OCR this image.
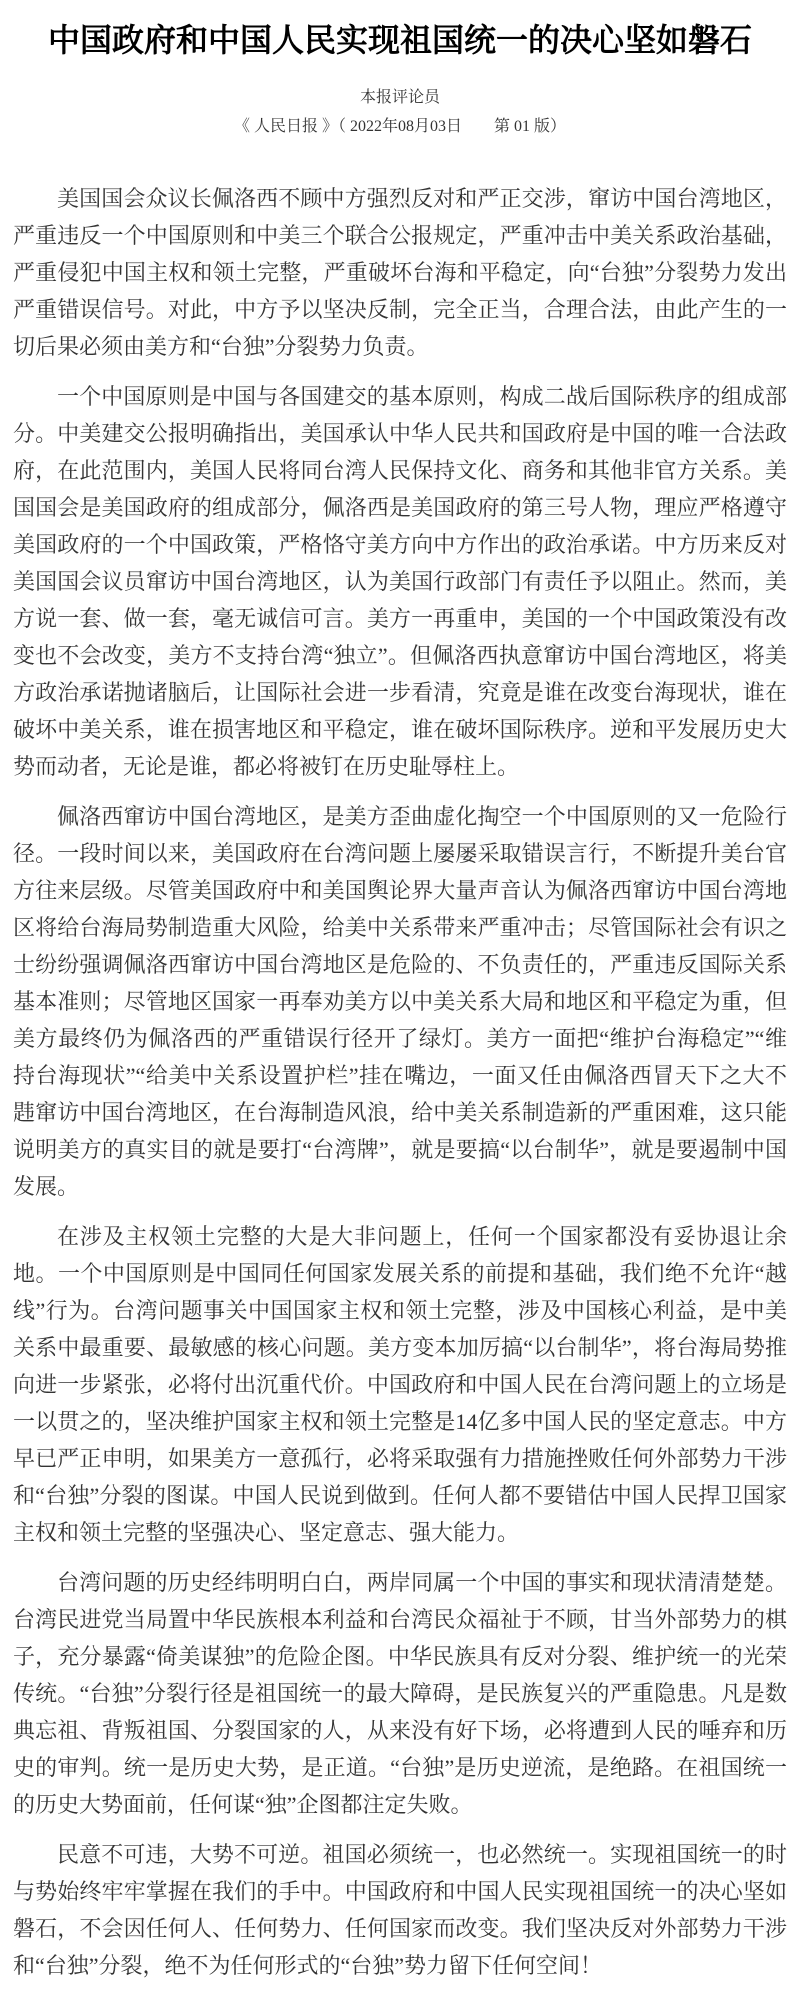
中国政府和中国人民实现祖国统一的决心坚如磐石
本报评论员
《 人民日报 》（ 2022年08月03日　　第 01 版）

美国国会众议长佩洛西不顾中方强烈反对和严正交涉，窜访中国台湾地区，严重违反一个中国原则和中美三个联合公报规定，严重冲击中美关系政治基础，严重侵犯中国主权和领土完整，严重破坏台海和平稳定，向“台独”分裂势力发出严重错误信号。对此，中方予以坚决反制，完全正当，合理合法，由此产生的一切后果必须由美方和“台独”分裂势力负责。

一个中国原则是中国与各国建交的基本原则，构成二战后国际秩序的组成部分。中美建交公报明确指出，美国承认中华人民共和国政府是中国的唯一合法政府，在此范围内，美国人民将同台湾人民保持文化、商务和其他非官方关系。美国国会是美国政府的组成部分，佩洛西是美国政府的第三号人物，理应严格遵守美国政府的一个中国政策，严格恪守美方向中方作出的政治承诺。中方历来反对美国国会议员窜访中国台湾地区，认为美国行政部门有责任予以阻止。然而，美方说一套、做一套，毫无诚信可言。美方一再重申，美国的一个中国政策没有改变也不会改变，美方不支持台湾“独立”。但佩洛西执意窜访中国台湾地区，将美方政治承诺抛诸脑后，让国际社会进一步看清，究竟是谁在改变台海现状，谁在破坏中美关系，谁在损害地区和平稳定，谁在破坏国际秩序。逆和平发展历史大势而动者，无论是谁，都必将被钉在历史耻辱柱上。

佩洛西窜访中国台湾地区，是美方歪曲虚化掏空一个中国原则的又一危险行径。一段时间以来，美国政府在台湾问题上屡屡采取错误言行，不断提升美台官方往来层级。尽管美国政府中和美国舆论界大量声音认为佩洛西窜访中国台湾地区将给台海局势制造重大风险，给美中关系带来严重冲击；尽管国际社会有识之士纷纷强调佩洛西窜访中国台湾地区是危险的、不负责任的，严重违反国际关系基本准则；尽管地区国家一再奉劝美方以中美关系大局和地区和平稳定为重，但美方最终仍为佩洛西的严重错误行径开了绿灯。美方一面把“维护台海稳定”“维持台海现状”“给美中关系设置护栏”挂在嘴边，一面又任由佩洛西冒天下之大不韪窜访中国台湾地区，在台海制造风浪，给中美关系制造新的严重困难，这只能说明美方的真实目的就是要打“台湾牌”，就是要搞“以台制华”，就是要遏制中国发展。

在涉及主权领土完整的大是大非问题上，任何一个国家都没有妥协退让余地。一个中国原则是中国同任何国家发展关系的前提和基础，我们绝不允许“越线”行为。台湾问题事关中国国家主权和领土完整，涉及中国核心利益，是中美关系中最重要、最敏感的核心问题。美方变本加厉搞“以台制华”，将台海局势推向进一步紧张，必将付出沉重代价。中国政府和中国人民在台湾问题上的立场是一以贯之的，坚决维护国家主权和领土完整是14亿多中国人民的坚定意志。中方早已严正申明，如果美方一意孤行，必将采取强有力措施挫败任何外部势力干涉和“台独”分裂的图谋。中国人民说到做到。任何人都不要错估中国人民捍卫国家主权和领土完整的坚强决心、坚定意志、强大能力。

台湾问题的历史经纬明明白白，两岸同属一个中国的事实和现状清清楚楚。台湾民进党当局置中华民族根本利益和台湾民众福祉于不顾，甘当外部势力的棋子，充分暴露“倚美谋独”的危险企图。中华民族具有反对分裂、维护统一的光荣传统。“台独”分裂行径是祖国统一的最大障碍，是民族复兴的严重隐患。凡是数典忘祖、背叛祖国、分裂国家的人，从来没有好下场，必将遭到人民的唾弃和历史的审判。统一是历史大势，是正道。“台独”是历史逆流，是绝路。在祖国统一的历史大势面前，任何谋“独”企图都注定失败。

民意不可违，大势不可逆。祖国必须统一，也必然统一。实现祖国统一的时与势始终牢牢掌握在我们的手中。中国政府和中国人民实现祖国统一的决心坚如磐石，不会因任何人、任何势力、任何国家而改变。我们坚决反对外部势力干涉和“台独”分裂，绝不为任何形式的“台独”势力留下任何空间！
